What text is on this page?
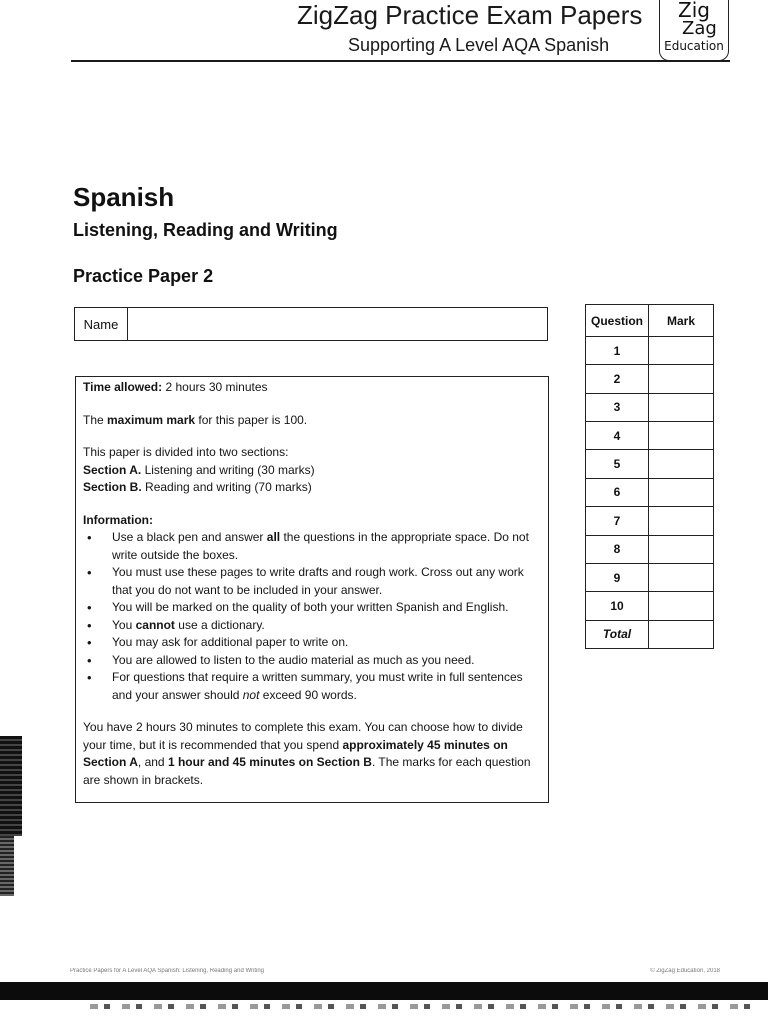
ZigZag Practice Exam Papers
Supporting A Level AQA Spanish
Zig
Zag
Education
Spanish
Listening, Reading and Writing
Practice Paper 2
Name

Time allowed: 2 hours 30 minutes

The maximum mark for this paper is 100.

This paper is divided into two sections:

Section A. Listening and writing (30 marks)

Section B. Reading and writing (70 marks)

Information:

• Use a black pen and answer all the questions in the appropriate space. Do not write outside the boxes.
• You must use these pages to write drafts and rough work. Cross out any work that you do not want to be included in your answer.
• You will be marked on the quality of both your written Spanish and English.
• You cannot use a dictionary.
• You may ask for additional paper to write on.
• You are allowed to listen to the audio material as much as you need.
• For questions that require a written summary, you must write in full sentences and your answer should not exceed 90 words.

You have 2 hours 30 minutes to complete this exam. You can choose how to divide your time, but it is recommended that you spend approximately 45 minutes on Section A, and 1 hour and 45 minutes on Section B. The marks for each question are shown in brackets.

Question	Mark
1	
2	
3	
4	
5	
6	
7	
8	
9	
10	
Total	
Practice Papers for A Level AQA Spanish: Listening, Reading and Writing	© ZigZag Education, 2018
